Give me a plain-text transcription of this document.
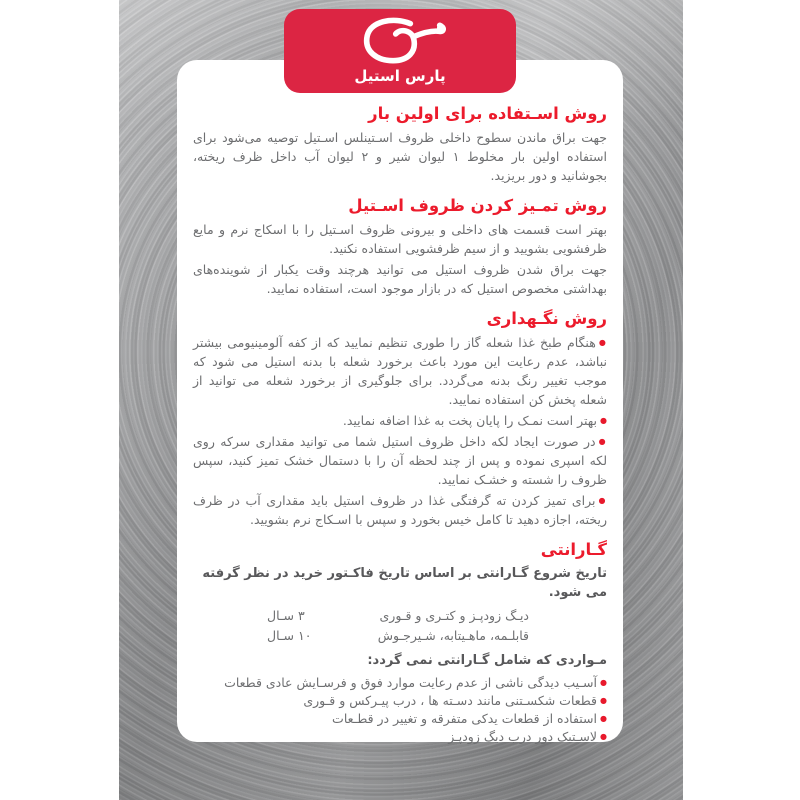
روش اسـتفاده برای اولین بار

جهت براق ماندن سطوح داخلی ظروف اسـتینلس اسـتیل توصیه می‌شود برای استفاده اولین بار مخلوط ۱ لیوان شیر و ۲ لیوان آب داخل ظرف ریخته، بجوشانید و دور بریزید.

روش تمـیز کردن ظروف اسـتیل

بهتر است قسمت های داخلی و بیرونی ظروف اسـتیل را با اسکاج نرم و مایع ظرفشویی بشویید و از سیم ظرفشویی استفاده نکنید.

جهت براق شدن ظروف استیل می توانید هرچند وقت یکبار از شوینده‌های بهداشتی مخصوص استیل که در بازار موجود است، استفاده نمایید.

روش نگـهداری

●هنگام طبخ غذا شعله گاز را طوری تنظیم نمایید که از کفه آلومینیومی بیشتر نباشد، عدم رعایت این مورد باعث برخورد شعله با بدنه استیل می شود که موجب تغییر رنگ بدنه می‌گردد. برای جلوگیری از برخورد شعله می توانید از شعله پخش کن استفاده نمایید.

●بهتر است نمـک را پایان پخت به غذا اضافه نمایید.

●در صورت ایجاد لکه داخل ظروف استیل شما می توانید مقداری سرکه روی لکه اسپری نموده و پس از چند لحظه آن را با دستمال خشک تمیز کنید، سپس ظروف را شسته و خشـک نمایید.

●برای تمیز کردن ته گرفتگی غذا در ظروف استیل باید مقداری آب در ظرف ریخته، اجازه دهید تا کامل خیس بخورد و سپس با اسـکاج نرم بشویید.

گـارانتی

تاریخ شروع گـارانتی بر اساس تاریخ فاکـتور خرید در نظر گرفته می شود.

دیـگ زودپـز و کتـری و قـوری
۳ سـال
قابلـمه، ماهـیتابه، شـیرجـوش
۱۰ سـال

مـواردی که شامل گـارانتی نمی گردد:

●آسـیب دیدگی ناشی از عدم رعایت موارد فوق و فرسـایش عادی قطعات

●قطعات شکسـتنی مانند دسـته ها ، درب پیـرکس و قـوری

●استفاده از قطعات یدکی متفرقه و تغییر در قطـعات

●لاسـتیک دور درب دیگ زودپـز

پارس استیل
